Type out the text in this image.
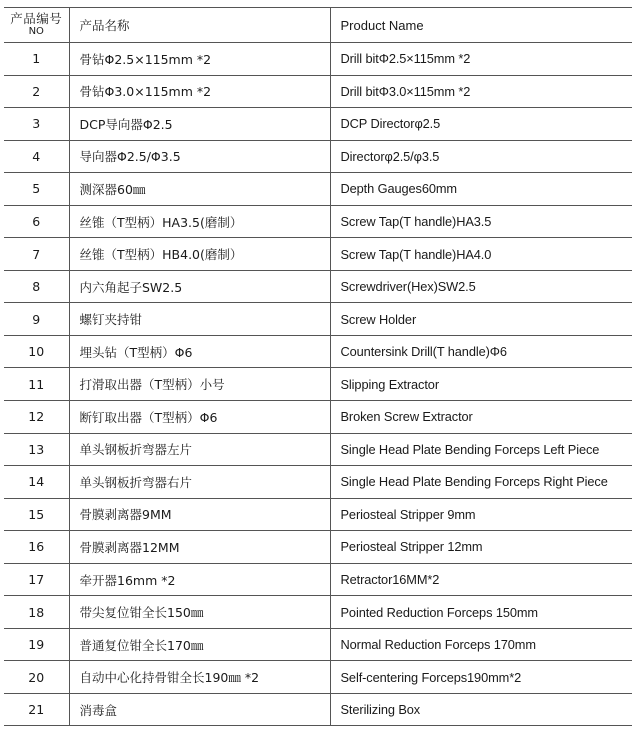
产品编号
NO	产品名称	Product Name
1	骨钻Φ2.5×115mm *2	Drill bitΦ2.5×115mm *2
2	骨钻Φ3.0×115mm *2	Drill bitΦ3.0×115mm *2
3	DCP导向器Φ2.5	DCP Directorφ2.5
4	导向器Φ2.5/Φ3.5	Directorφ2.5/φ3.5
5	测深器60㎜	Depth Gauges60mm
6	丝锥（T型柄）HA3.5(磨制）	Screw Tap(T handle)HA3.5
7	丝锥（T型柄）HB4.0(磨制）	Screw Tap(T handle)HA4.0
8	内六角起子SW2.5	Screwdriver(Hex)SW2.5
9	螺钉夹持钳	Screw Holder
10	埋头钻（T型柄）Φ6	Countersink Drill(T handle)Φ6
11	打滑取出器（T型柄）小号	Slipping Extractor
12	断钉取出器（T型柄）Φ6	Broken Screw Extractor
13	单头钢板折弯器左片	Single Head Plate Bending Forceps Left Piece
14	单头钢板折弯器右片	Single Head Plate Bending Forceps Right Piece
15	骨膜剥离器9MM	Periosteal Stripper 9mm
16	骨膜剥离器12MM	Periosteal Stripper 12mm
17	牵开器16mm *2	Retractor16MM*2
18	带尖复位钳全长150㎜	Pointed Reduction Forceps 150mm
19	普通复位钳全长170㎜	Normal Reduction Forceps 170mm
20	自动中心化持骨钳全长190㎜ *2	Self-centering Forceps190mm*2
21	消毒盒	Sterilizing Box
